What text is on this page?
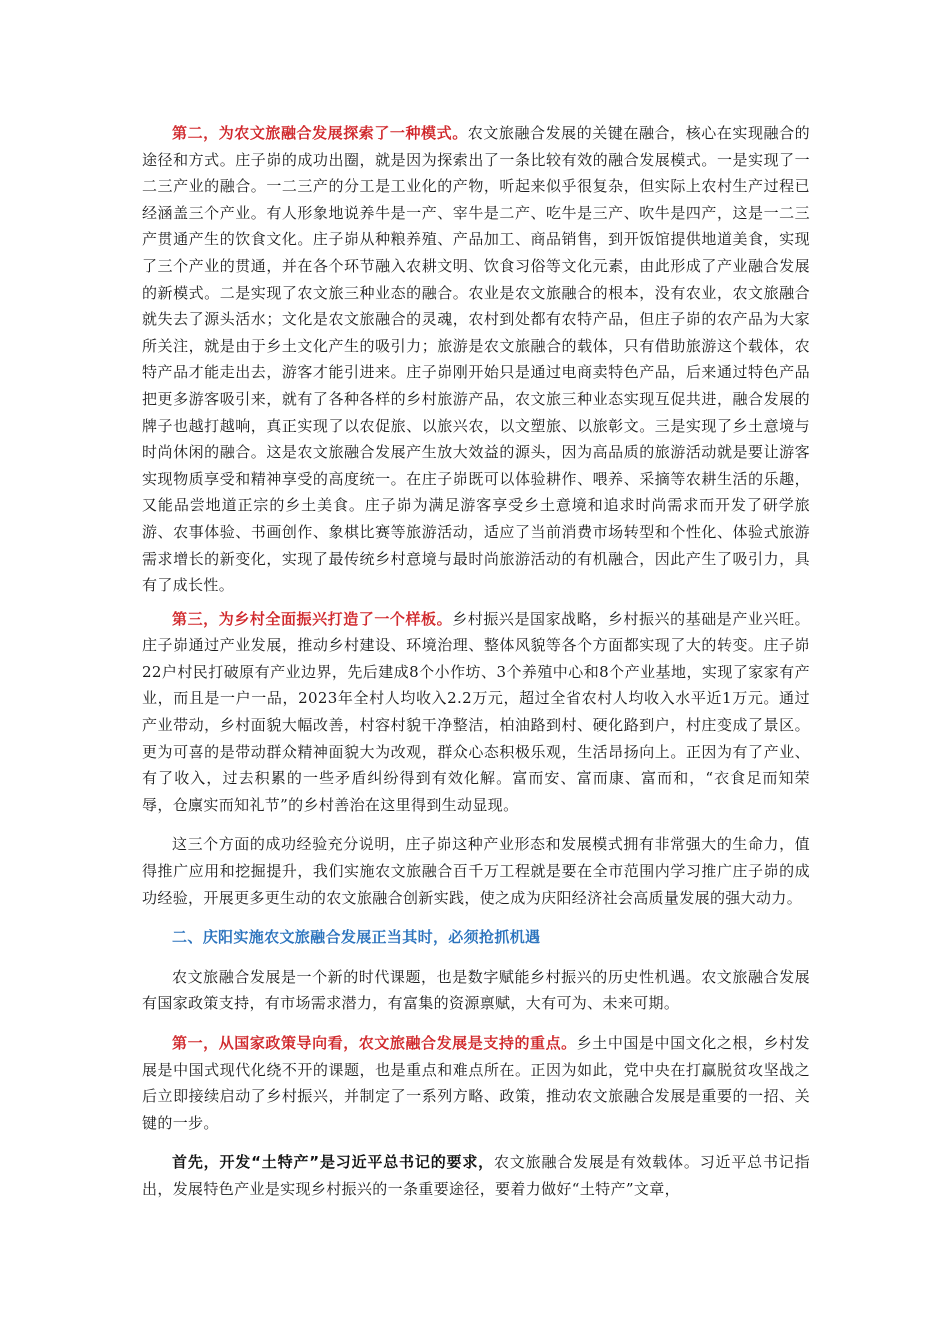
第二，为农文旅融合发展探索了一种模式。农文旅融合发展的关键在融合，核心在实现融合的途径和方式。庄子峁的成功出圈，就是因为探索出了一条比较有效的融合发展模式。一是实现了一二三产业的融合。一二三产的分工是工业化的产物，听起来似乎很复杂，但实际上农村生产过程已经涵盖三个产业。有人形象地说养牛是一产、宰牛是二产、吃牛是三产、吹牛是四产，这是一二三产贯通产生的饮食文化。庄子峁从种粮养殖、产品加工、商品销售，到开饭馆提供地道美食，实现了三个产业的贯通，并在各个环节融入农耕文明、饮食习俗等文化元素，由此形成了产业融合发展的新模式。二是实现了农文旅三种业态的融合。农业是农文旅融合的根本，没有农业，农文旅融合就失去了源头活水；文化是农文旅融合的灵魂，农村到处都有农特产品，但庄子峁的农产品为大家所关注，就是由于乡土文化产生的吸引力；旅游是农文旅融合的载体，只有借助旅游这个载体，农特产品才能走出去，游客才能引进来。庄子峁刚开始只是通过电商卖特色产品，后来通过特色产品把更多游客吸引来，就有了各种各样的乡村旅游产品，农文旅三种业态实现互促共进，融合发展的牌子也越打越响，真正实现了以农促旅、以旅兴农，以文塑旅、以旅彰文。三是实现了乡土意境与时尚休闲的融合。这是农文旅融合发展产生放大效益的源头，因为高品质的旅游活动就是要让游客实现物质享受和精神享受的高度统一。在庄子峁既可以体验耕作、喂养、采摘等农耕生活的乐趣，又能品尝地道正宗的乡土美食。庄子峁为满足游客享受乡土意境和追求时尚需求而开发了研学旅游、农事体验、书画创作、象棋比赛等旅游活动，适应了当前消费市场转型和个性化、体验式旅游需求增长的新变化，实现了最传统乡村意境与最时尚旅游活动的有机融合，因此产生了吸引力，具有了成长性。

第三，为乡村全面振兴打造了一个样板。乡村振兴是国家战略，乡村振兴的基础是产业兴旺。庄子峁通过产业发展，推动乡村建设、环境治理、整体风貌等各个方面都实现了大的转变。庄子峁22户村民打破原有产业边界，先后建成8个小作坊、3个养殖中心和8个产业基地，实现了家家有产业，而且是一户一品，2023年全村人均收入2.2万元，超过全省农村人均收入水平近1万元。通过产业带动，乡村面貌大幅改善，村容村貌干净整洁，柏油路到村、硬化路到户，村庄变成了景区。更为可喜的是带动群众精神面貌大为改观，群众心态积极乐观，生活昂扬向上。正因为有了产业、有了收入，过去积累的一些矛盾纠纷得到有效化解。富而安、富而康、富而和，“衣食足而知荣辱，仓廪实而知礼节”的乡村善治在这里得到生动显现。

这三个方面的成功经验充分说明，庄子峁这种产业形态和发展模式拥有非常强大的生命力，值得推广应用和挖掘提升，我们实施农文旅融合百千万工程就是要在全市范围内学习推广庄子峁的成功经验，开展更多更生动的农文旅融合创新实践，使之成为庆阳经济社会高质量发展的强大动力。

二、庆阳实施农文旅融合发展正当其时，必须抢抓机遇

农文旅融合发展是一个新的时代课题，也是数字赋能乡村振兴的历史性机遇。农文旅融合发展有国家政策支持，有市场需求潜力，有富集的资源禀赋，大有可为、未来可期。

第一，从国家政策导向看，农文旅融合发展是支持的重点。乡土中国是中国文化之根，乡村发展是中国式现代化绕不开的课题，也是重点和难点所在。正因为如此，党中央在打赢脱贫攻坚战之后立即接续启动了乡村振兴，并制定了一系列方略、政策，推动农文旅融合发展是重要的一招、关键的一步。

首先，开发“土特产”是习近平总书记的要求，农文旅融合发展是有效载体。习近平总书记指出，发展特色产业是实现乡村振兴的一条重要途径，要着力做好“土特产”文章，
